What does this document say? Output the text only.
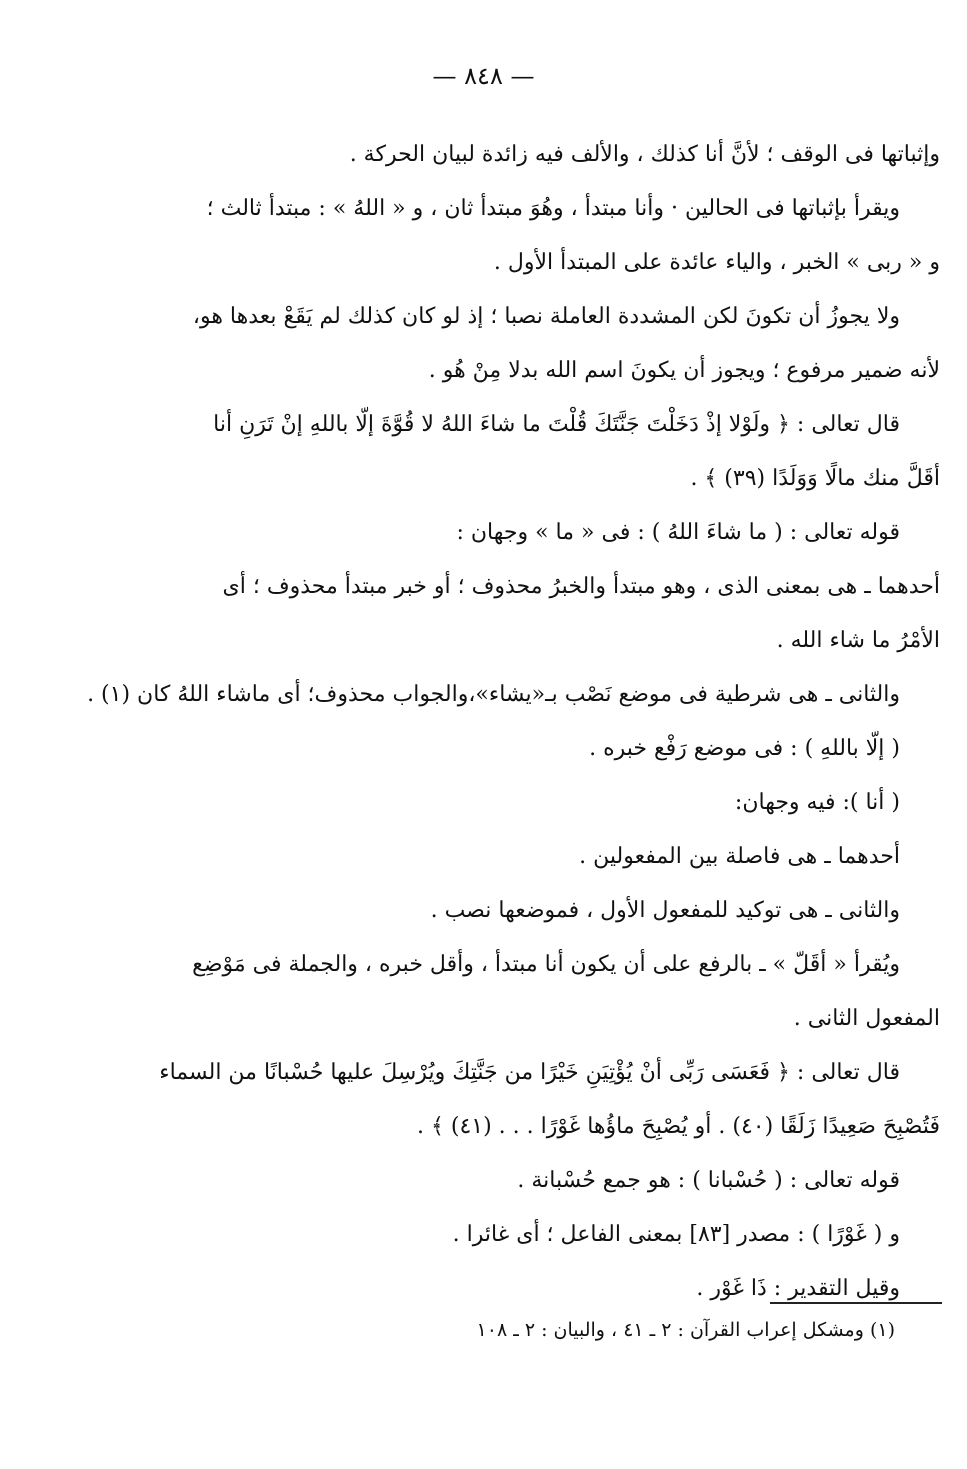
— ٨٤٨ —
وإثباتها فى الوقف ؛ لأنَّ أنا كذلك ، والألف فيه زائدة لبيان الحركة .
ويقرأ بإثباتها فى الحالين · وأنا مبتدأ ، وهُوَ مبتدأ ثان ، و « اللهُ » : مبتدأ ثالث ؛
و « ربى » الخبر ، والياء عائدة على المبتدأ الأول .
ولا يجوزُ أن تكونَ لكن المشددة العاملة نصبا ؛ إذ لو كان كذلك لم يَقَعْ بعدها هو،
لأنه ضمير مرفوع ؛ ويجوز أن يكونَ اسم الله بدلا مِنْ هُو .
قال تعالى : ﴿ ولَوْلا إذْ دَخَلْتَ جَنَّتَكَ قُلْتَ ما شاءَ اللهُ لا قُوَّةَ إلّا باللهِ إنْ تَرَنِ أنا
أقَلَّ منك مالًا وَوَلَدًا (٣٩) ﴾ .
قوله تعالى : ( ما شاءَ اللهُ ) : فى « ما » وجهان :
أحدهما ـ هى بمعنى الذى ، وهو مبتدأ والخبرُ محذوف ؛ أو خبر مبتدأ محذوف ؛ أى
الأمْرُ ما شاء الله .
والثانى ـ هى شرطية فى موضع نَصْب بـ«يشاء»،والجواب محذوف؛ أى ماشاء اللهُ كان (١) .
( إلّا باللهِ ) : فى موضع رَفْع خبره .
( أنا ): فيه وجهان:
أحدهما ـ هى فاصلة بين المفعولين .
والثانى ـ هى توكيد للمفعول الأول ، فموضعها نصب .
ويُقرأ « أقَلّ » ـ بالرفع على أن يكون أنا مبتدأ ، وأقل خبره ، والجملة فى مَوْضِع
المفعول الثانى .
قال تعالى : ﴿ فَعَسَى رَبِّى أنْ يُؤْتِيَنِ خَيْرًا من جَنَّتِكَ ويُرْسِلَ عليها حُسْبانًا من السماء
فَتُصْبِحَ صَعِيدًا زَلَقًا (٤٠) . أو يُصْبِحَ ماؤُها غَوْرًا . . . (٤١) ﴾ .
قوله تعالى : ( حُسْبانا ) : هو جمع حُسْبانة .
و ( غَوْرًا ) : مصدر [٨٣] بمعنى الفاعل ؛ أى غائرا .
وقيل التقدير : ذَا غَوْر .
(١) ومشكل إعراب القرآن : ٢ ـ ٤١ ، والبيان : ٢ ـ ١٠٨
